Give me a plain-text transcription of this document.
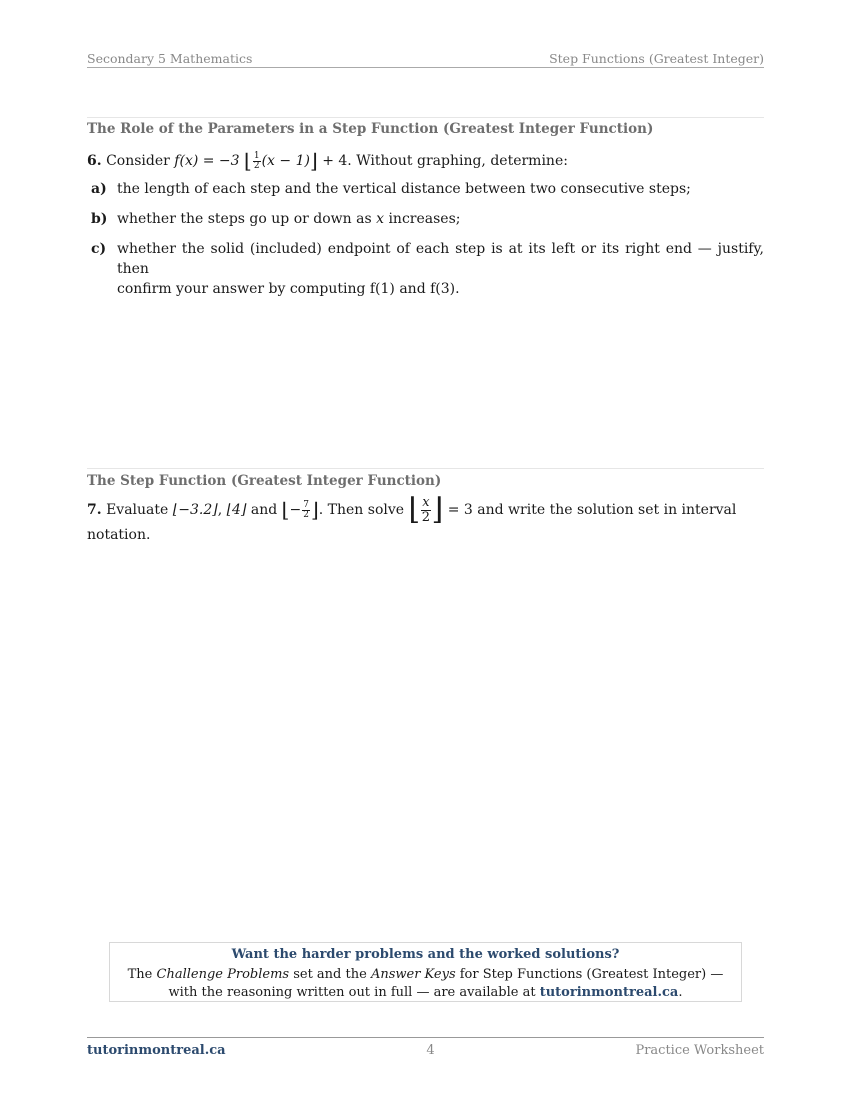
Secondary 5 Mathematics	Step Functions (Greatest Integer)
The Role of the Parameters in a Step Function (Greatest Integer Function)
6. Consider f(x) = −3 ⌊ $\frac{1}{2} (x$ − 1)⌋ + 4. Without graphing, determine:
a) the length of each step and the vertical distance between two consecutive steps;
b) whether the steps go up or down as x increases;
c) whether the solid (included) endpoint of each step is at its left or its right end — justify, then
confirm your answer by computing f(1) and f(3).
The Step Function (Greatest Integer Function)
7. Evaluate ⌊−3.2⌋, ⌊4⌋ and ⌊− $\frac{7}{2}$ ⌋. Then solve ⌊ $\frac{x}{2}$ ⌋ = 3 and write the solution set in interval notation.
Want the harder problems and the worked solutions?
The Challenge Problems set and the Answer Keys for Step Functions (Greatest Integer) — with the reasoning written out in full — are available at tutorinmontreal.ca.
tutorinmontreal.ca	4	Practice Worksheet
